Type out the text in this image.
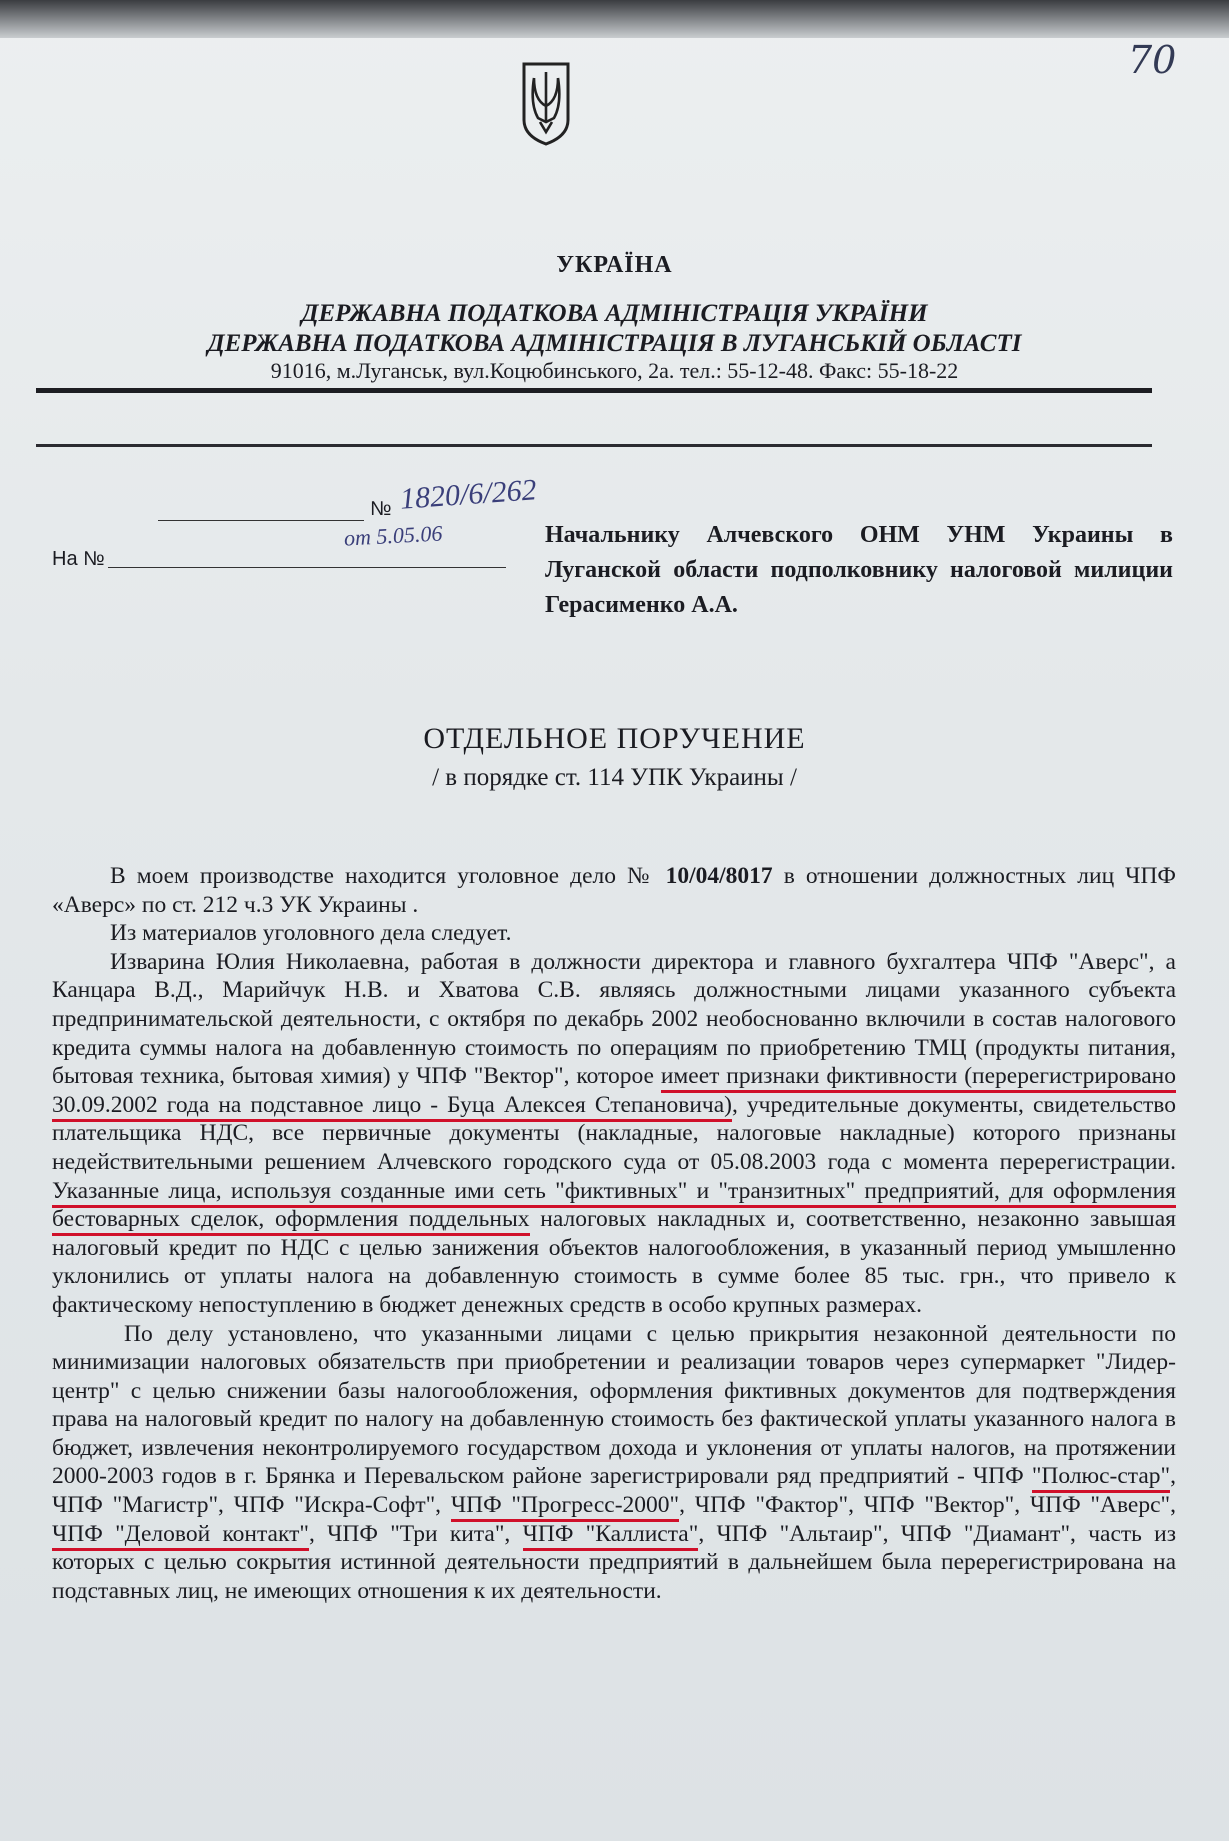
70
УКРАЇНА
ДЕРЖАВНА ПОДАТКОВА АДМІНІСТРАЦІЯ УКРАЇНИ
ДЕРЖАВНА ПОДАТКОВА АДМІНІСТРАЦІЯ В ЛУГАНСЬКІЙ ОБЛАСТІ
91016, м.Луганськ, вул.Коцюбинського, 2а. тел.: 55-12-48. Факс: 55-18-22
№ 1820/6/262
от 5.05.06
На №
Начальнику Алчевского ОНМ УНМ Украины в Луганской области подполковнику налоговой милиции Герасименко А.А.
ОТДЕЛЬНОЕ ПОРУЧЕНИЕ
/ в порядке ст. 114 УПК Украины /

В моем производстве находится уголовное дело № 10/04/8017 в отношении должностных лиц ЧПФ «Аверс» по ст. 212 ч.3 УК Украины .

Из материалов уголовного дела следует.

Изварина Юлия Николаевна, работая в должности директора и главного бухгалтера ЧПФ "Аверс", а Канцара В.Д., Марийчук Н.В. и Хватова С.В. являясь должностными лицами указанного субъекта предпринимательской деятельности, с октября по декабрь 2002 необоснованно включили в состав налогового кредита суммы налога на добавленную стоимость по операциям по приобретению ТМЦ (продукты питания, бытовая техника, бытовая химия) у ЧПФ "Вектор", которое имеет признаки фиктивности (перерегистрировано 30.09.2002 года на подставное лицо - Буца Алексея Степановича), учредительные документы, свидетельство плательщика НДС, все первичные документы (накладные, налоговые накладные) которого признаны недействительными решением Алчевского городского суда от 05.08.2003 года с момента перерегистрации. Указанные лица, используя созданные ими сеть "фиктивных" и "транзитных" предприятий, для оформления бестоварных сделок, оформления поддельных налоговых накладных и, соответственно, незаконно завышая налоговый кредит по НДС с целью занижения объектов налогообложения, в указанный период умышленно уклонились от уплаты налога на добавленную стоимость в сумме более 85 тыс. грн., что привело к фактическому непоступлению в бюджет денежных средств в особо крупных размерах.

По делу установлено, что указанными лицами с целью прикрытия незаконной деятельности по минимизации налоговых обязательств при приобретении и реализации товаров через супермаркет "Лидер-центр" с целью снижении базы налогообложения, оформления фиктивных документов для подтверждения права на налоговый кредит по налогу на добавленную стоимость без фактической уплаты указанного налога в бюджет, извлечения неконтролируемого государством дохода и уклонения от уплаты налогов, на протяжении 2000-2003 годов в г. Брянка и Перевальском районе зарегистрировали ряд предприятий - ЧПФ "Полюс-стар", ЧПФ "Магистр", ЧПФ "Искра-Софт", ЧПФ "Прогресс-2000", ЧПФ "Фактор", ЧПФ "Вектор", ЧПФ "Аверс", ЧПФ "Деловой контакт", ЧПФ "Три кита", ЧПФ "Каллиста", ЧПФ "Альтаир", ЧПФ "Диамант", часть из которых с целью сокрытия истинной деятельности предприятий в дальнейшем была перерегистрирована на подставных лиц, не имеющих отношения к их деятельности.
